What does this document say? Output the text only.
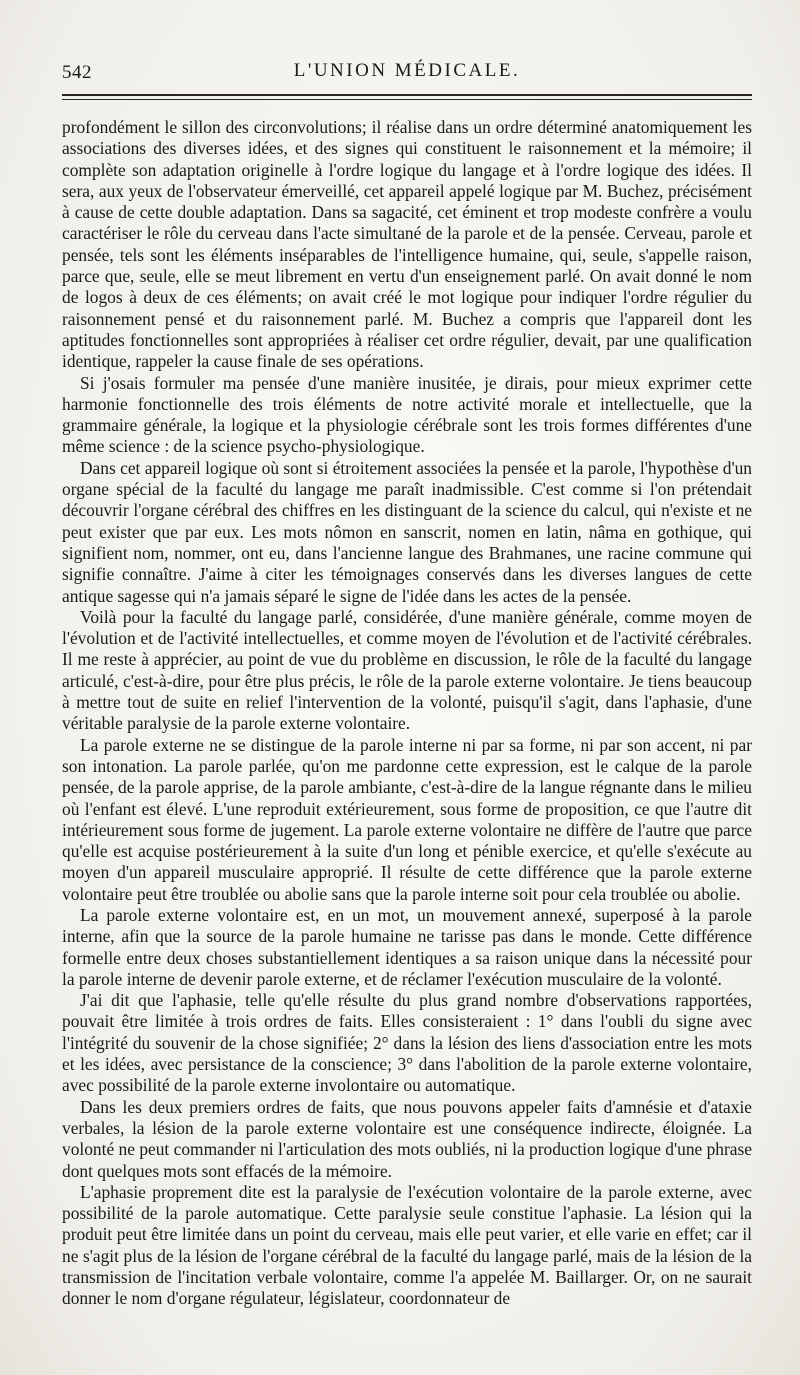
542	L'UNION MÉDICALE.

profondément le sillon des circonvolutions; il réalise dans un ordre déterminé anatomiquement les associations des diverses idées, et des signes qui constituent le raisonnement et la mémoire; il complète son adaptation originelle à l'ordre logique du langage et à l'ordre logique des idées. Il sera, aux yeux de l'observateur émerveillé, cet appareil appelé logique par M. Buchez, précisément à cause de cette double adaptation. Dans sa sagacité, cet éminent et trop modeste confrère a voulu caractériser le rôle du cerveau dans l'acte simultané de la parole et de la pensée. Cerveau, parole et pensée, tels sont les éléments inséparables de l'intelligence humaine, qui, seule, s'appelle raison, parce que, seule, elle se meut librement en vertu d'un enseignement parlé. On avait donné le nom de logos à deux de ces éléments; on avait créé le mot logique pour indiquer l'ordre régulier du raisonnement pensé et du raisonnement parlé. M. Buchez a compris que l'appareil dont les aptitudes fonctionnelles sont appropriées à réaliser cet ordre régulier, devait, par une qualification identique, rappeler la cause finale de ses opérations.

Si j'osais formuler ma pensée d'une manière inusitée, je dirais, pour mieux exprimer cette harmonie fonctionnelle des trois éléments de notre activité morale et intellectuelle, que la grammaire générale, la logique et la physiologie cérébrale sont les trois formes différentes d'une même science : de la science psycho-physiologique.

Dans cet appareil logique où sont si étroitement associées la pensée et la parole, l'hypothèse d'un organe spécial de la faculté du langage me paraît inadmissible. C'est comme si l'on prétendait découvrir l'organe cérébral des chiffres en les distinguant de la science du calcul, qui n'existe et ne peut exister que par eux. Les mots nômon en sanscrit, nomen en latin, nâma en gothique, qui signifient nom, nommer, ont eu, dans l'ancienne langue des Brahmanes, une racine commune qui signifie connaître. J'aime à citer les témoignages conservés dans les diverses langues de cette antique sagesse qui n'a jamais séparé le signe de l'idée dans les actes de la pensée.

Voilà pour la faculté du langage parlé, considérée, d'une manière générale, comme moyen de l'évolution et de l'activité intellectuelles, et comme moyen de l'évolution et de l'activité cérébrales. Il me reste à apprécier, au point de vue du problème en discussion, le rôle de la faculté du langage articulé, c'est-à-dire, pour être plus précis, le rôle de la parole externe volontaire. Je tiens beaucoup à mettre tout de suite en relief l'intervention de la volonté, puisqu'il s'agit, dans l'aphasie, d'une véritable paralysie de la parole externe volontaire.

La parole externe ne se distingue de la parole interne ni par sa forme, ni par son accent, ni par son intonation. La parole parlée, qu'on me pardonne cette expression, est le calque de la parole pensée, de la parole apprise, de la parole ambiante, c'est-à-dire de la langue régnante dans le milieu où l'enfant est élevé. L'une reproduit extérieurement, sous forme de proposition, ce que l'autre dit intérieurement sous forme de jugement. La parole externe volontaire ne diffère de l'autre que parce qu'elle est acquise postérieurement à la suite d'un long et pénible exercice, et qu'elle s'exécute au moyen d'un appareil musculaire approprié. Il résulte de cette différence que la parole externe volontaire peut être troublée ou abolie sans que la parole interne soit pour cela troublée ou abolie.

La parole externe volontaire est, en un mot, un mouvement annexé, superposé à la parole interne, afin que la source de la parole humaine ne tarisse pas dans le monde. Cette différence formelle entre deux choses substantiellement identiques a sa raison unique dans la nécessité pour la parole interne de devenir parole externe, et de réclamer l'exécution musculaire de la volonté.

J'ai dit que l'aphasie, telle qu'elle résulte du plus grand nombre d'observations rapportées, pouvait être limitée à trois ordres de faits. Elles consisteraient : 1° dans l'oubli du signe avec l'intégrité du souvenir de la chose signifiée; 2° dans la lésion des liens d'association entre les mots et les idées, avec persistance de la conscience; 3° dans l'abolition de la parole externe volontaire, avec possibilité de la parole externe involontaire ou automatique.

Dans les deux premiers ordres de faits, que nous pouvons appeler faits d'amnésie et d'ataxie verbales, la lésion de la parole externe volontaire est une conséquence indirecte, éloignée. La volonté ne peut commander ni l'articulation des mots oubliés, ni la production logique d'une phrase dont quelques mots sont effacés de la mémoire.

L'aphasie proprement dite est la paralysie de l'exécution volontaire de la parole externe, avec possibilité de la parole automatique. Cette paralysie seule constitue l'aphasie. La lésion qui la produit peut être limitée dans un point du cerveau, mais elle peut varier, et elle varie en effet; car il ne s'agit plus de la lésion de l'organe cérébral de la faculté du langage parlé, mais de la lésion de la transmission de l'incitation verbale volontaire, comme l'a appelée M. Baillarger. Or, on ne saurait donner le nom d'organe régulateur, législateur, coordonnateur de
